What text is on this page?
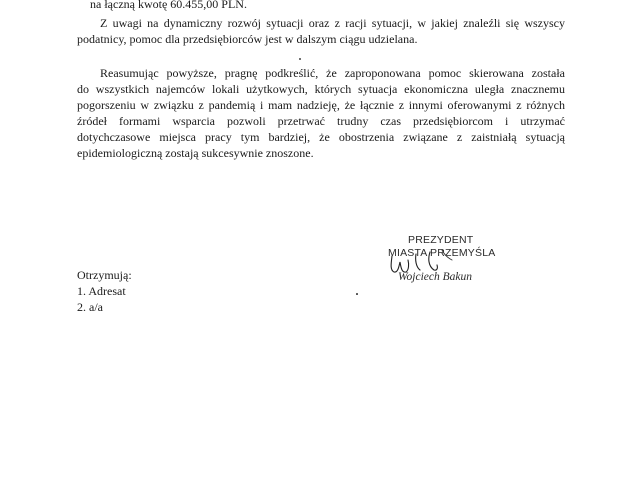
na łączną kwotę 60.455,00 PLN.
Z uwagi na dynamiczny rozwój sytuacji oraz z racji sytuacji, w jakiej znaleźli się wszyscy
podatnicy, pomoc dla przedsiębiorców jest w dalszym ciągu udzielana.
Reasumując powyższe, pragnę podkreślić, że zaproponowana pomoc skierowana została
do wszystkich najemców lokali użytkowych, których sytuacja ekonomiczna uległa znacznemu
pogorszeniu w związku z pandemią i mam nadzieję, że łącznie z innymi oferowanymi z różnych
źródeł formami wsparcia pozwoli przetrwać trudny czas przedsiębiorcom i utrzymać
dotychczasowe miejsca pracy tym bardziej, że obostrzenia związane z zaistniałą sytuacją
epidemiologiczną zostają sukcesywnie znoszone.
PREZYDENT
MIASTA PRZEMYŚLA
Wojciech Bakun
Otrzymują:
1. Adresat
2. a/a
